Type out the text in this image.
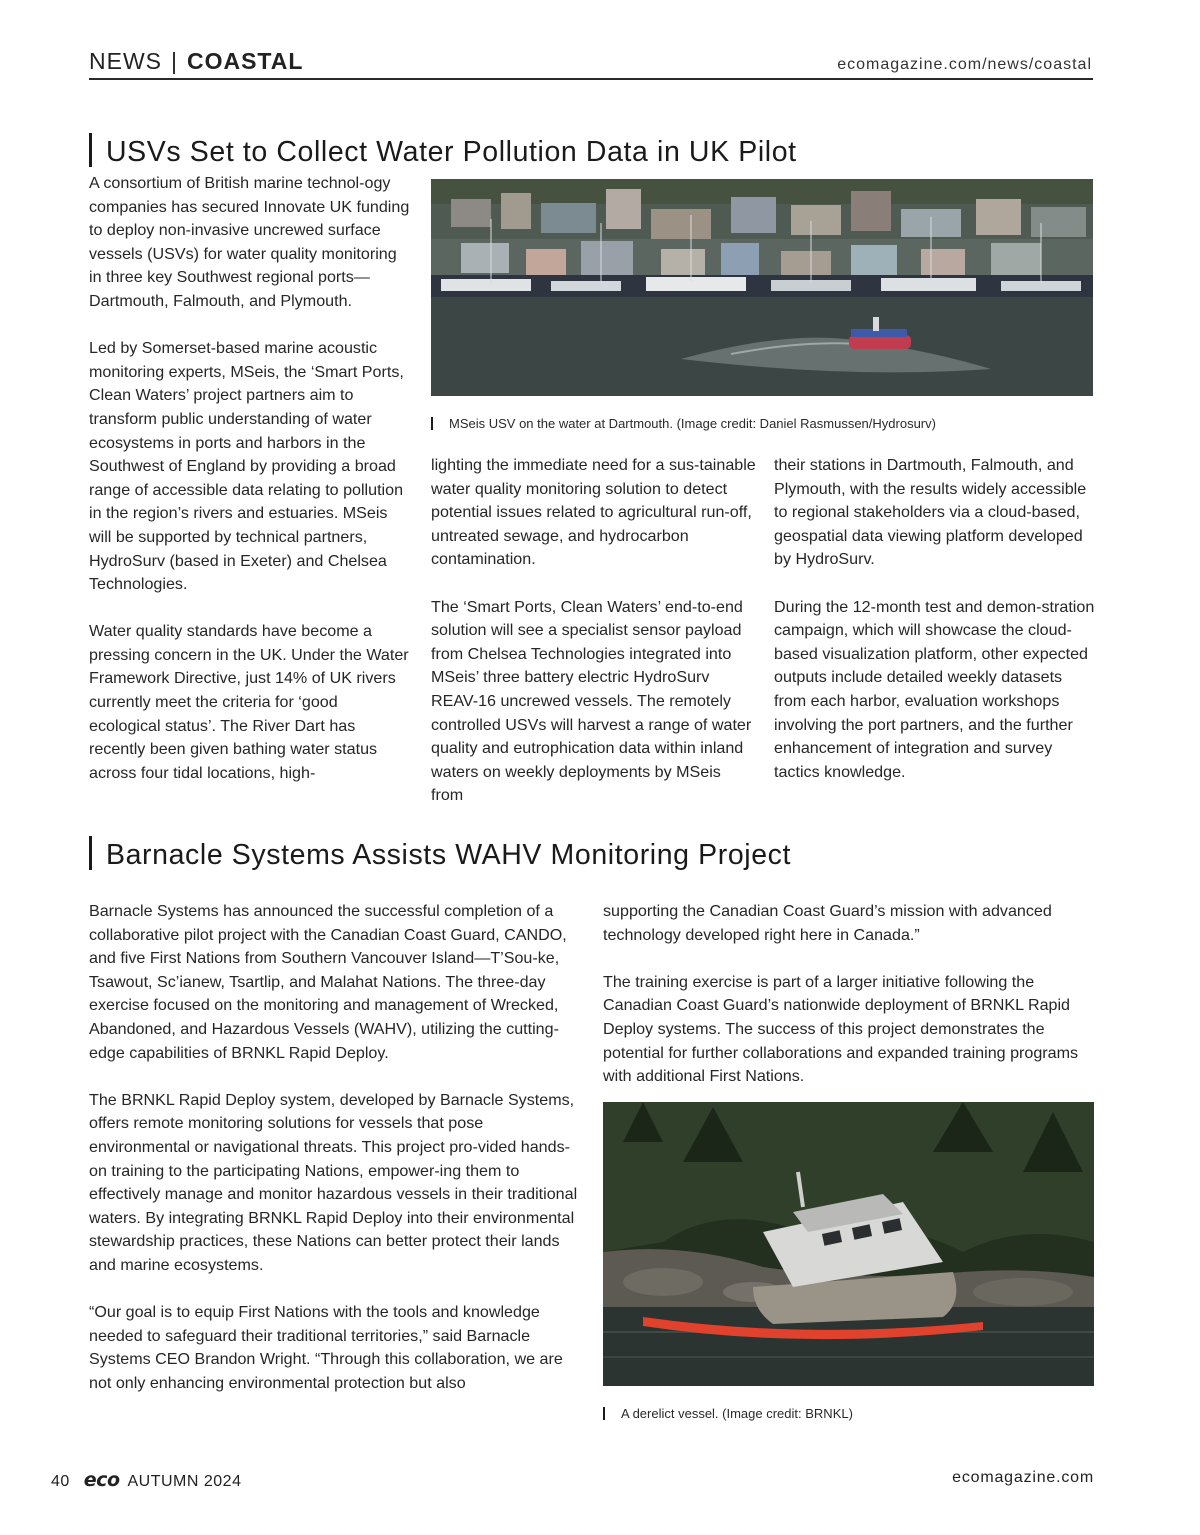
NEWS | COASTAL	ecomagazine.com/news/coastal
USVs Set to Collect Water Pollution Data in UK Pilot

A consortium of British marine technol-ogy companies has secured Innovate UK funding to deploy non-invasive uncrewed surface vessels (USVs) for water quality monitoring in three key Southwest regional ports—Dartmouth, Falmouth, and Plymouth.

Led by Somerset-based marine acoustic monitoring experts, MSeis, the ‘Smart Ports, Clean Waters’ project partners aim to transform public understanding of water ecosystems in ports and harbors in the Southwest of England by providing a broad range of accessible data relating to pollution in the region’s rivers and estuaries. MSeis will be supported by technical partners, HydroSurv (based in Exeter) and Chelsea Technologies.

Water quality standards have become a pressing concern in the UK. Under the Water Framework Directive, just 14% of UK rivers currently meet the criteria for ‘good ecological status’. The River Dart has recently been given bathing water status across four tidal locations, high-

MSeis USV on the water at Dartmouth. (Image credit: Daniel Rasmussen/Hydrosurv)

lighting the immediate need for a sus-tainable water quality monitoring solution to detect potential issues related to agricultural run-off, untreated sewage, and hydrocarbon contamination.

The ‘Smart Ports, Clean Waters’ end-to-end solution will see a specialist sensor payload from Chelsea Technologies integrated into MSeis’ three battery electric HydroSurv REAV-16 uncrewed vessels. The remotely controlled USVs will harvest a range of water quality and eutrophication data within inland waters on weekly deployments by MSeis from

their stations in Dartmouth, Falmouth, and Plymouth, with the results widely accessible to regional stakeholders via a cloud-based, geospatial data viewing platform developed by HydroSurv.

During the 12-month test and demon-stration campaign, which will showcase the cloud-based visualization platform, other expected outputs include detailed weekly datasets from each harbor, evaluation workshops involving the port partners, and the further enhancement of integration and survey tactics knowledge.

Barnacle Systems Assists WAHV Monitoring Project

Barnacle Systems has announced the successful completion of a collaborative pilot project with the Canadian Coast Guard, CANDO, and five First Nations from Southern Vancouver Island—T’Sou-ke, Tsawout, Sc’ianew, Tsartlip, and Malahat Nations. The three-day exercise focused on the monitoring and management of Wrecked, Abandoned, and Hazardous Vessels (WAHV), utilizing the cutting-edge capabilities of BRNKL Rapid Deploy.

The BRNKL Rapid Deploy system, developed by Barnacle Systems, offers remote monitoring solutions for vessels that pose environmental or navigational threats. This project pro-vided hands-on training to the participating Nations, empower-ing them to effectively manage and monitor hazardous vessels in their traditional waters. By integrating BRNKL Rapid Deploy into their environmental stewardship practices, these Nations can better protect their lands and marine ecosystems.

“Our goal is to equip First Nations with the tools and knowledge needed to safeguard their traditional territories,” said Barnacle Systems CEO Brandon Wright. “Through this collaboration, we are not only enhancing environmental protection but also

supporting the Canadian Coast Guard’s mission with advanced technology developed right here in Canada.”

The training exercise is part of a larger initiative following the Canadian Coast Guard’s nationwide deployment of BRNKL Rapid Deploy systems. The success of this project demonstrates the potential for further collaborations and expanded training programs with additional First Nations.

A derelict vessel. (Image credit: BRNKL)
40 eco AUTUMN 2024	ecomagazine.com
